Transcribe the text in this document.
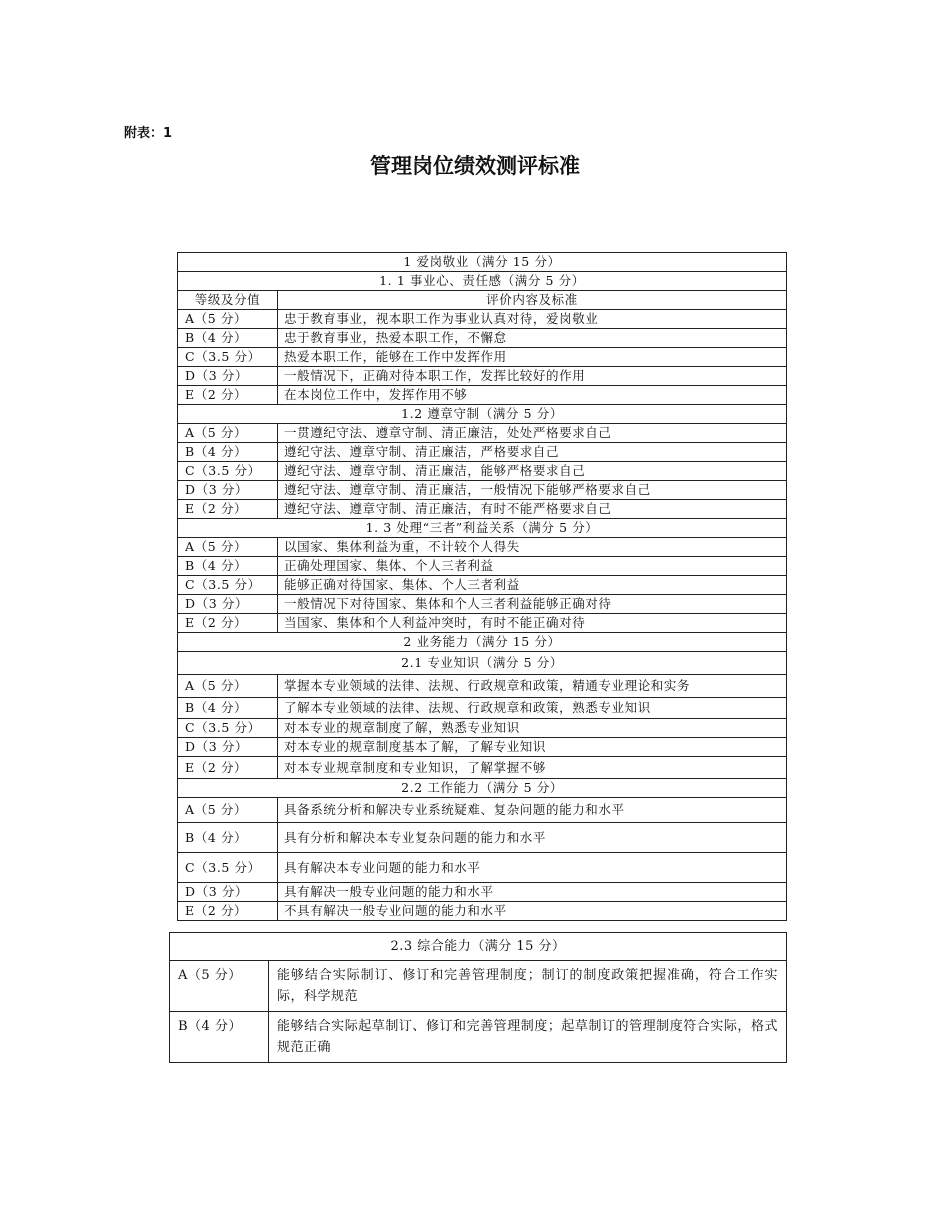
附表：1
管理岗位绩效测评标准
1 爱岗敬业（满分 15 分）	
1. 1 事业心、责任感（满分 5 分）	
等级及分值	评价内容及标准
A（5 分）	忠于教育事业，视本职工作为事业认真对待，爱岗敬业
B（4 分）	忠于教育事业，热爱本职工作，不懈怠
C（3.5 分）	热爱本职工作，能够在工作中发挥作用
D（3 分）	一般情况下，正确对待本职工作，发挥比较好的作用
E（2 分）	在本岗位工作中，发挥作用不够
1.2 遵章守制（满分 5 分）	
A（5 分）	一贯遵纪守法、遵章守制、清正廉洁，处处严格要求自己
B（4 分）	遵纪守法、遵章守制、清正廉洁，严格要求自己
C（3.5 分）	遵纪守法、遵章守制、清正廉洁，能够严格要求自己
D（3 分）	遵纪守法、遵章守制、清正廉洁，一般情况下能够严格要求自己
E（2 分）	遵纪守法、遵章守制、清正廉洁，有时不能严格要求自己
1. 3 处理“三者”利益关系（满分 5 分）	
A（5 分）	以国家、集体利益为重，不计较个人得失
B（4 分）	正确处理国家、集体、个人三者利益
C（3.5 分）	能够正确对待国家、集体、个人三者利益
D（3 分）	一般情况下对待国家、集体和个人三者利益能够正确对待
E（2 分）	当国家、集体和个人利益冲突时，有时不能正确对待
2 业务能力（满分 15 分）	
2.1 专业知识（满分 5 分）	
A（5 分）	掌握本专业领域的法律、法规、行政规章和政策，精通专业理论和实务
B（4 分）	了解本专业领域的法律、法规、行政规章和政策，熟悉专业知识
C（3.5 分）	对本专业的规章制度了解，熟悉专业知识
D（3 分）	对本专业的规章制度基本了解，了解专业知识
E（2 分）	对本专业规章制度和专业知识，了解掌握不够
2.2 工作能力（满分 5 分）	
A（5 分）	具备系统分析和解决专业系统疑难、复杂问题的能力和水平
B（4 分）	具有分析和解决本专业复杂问题的能力和水平
C（3.5 分）	具有解决本专业问题的能力和水平
D（3 分）	具有解决一般专业问题的能力和水平
E（2 分）	不具有解决一般专业问题的能力和水平
2.3 综合能力（满分 15 分）	
A（5 分）	能够结合实际制订、修订和完善管理制度；制订的制度政策把握准确，符合工作实际，科学规范
B（4 分）	能够结合实际起草制订、修订和完善管理制度；起草制订的管理制度符合实际，格式规范正确
